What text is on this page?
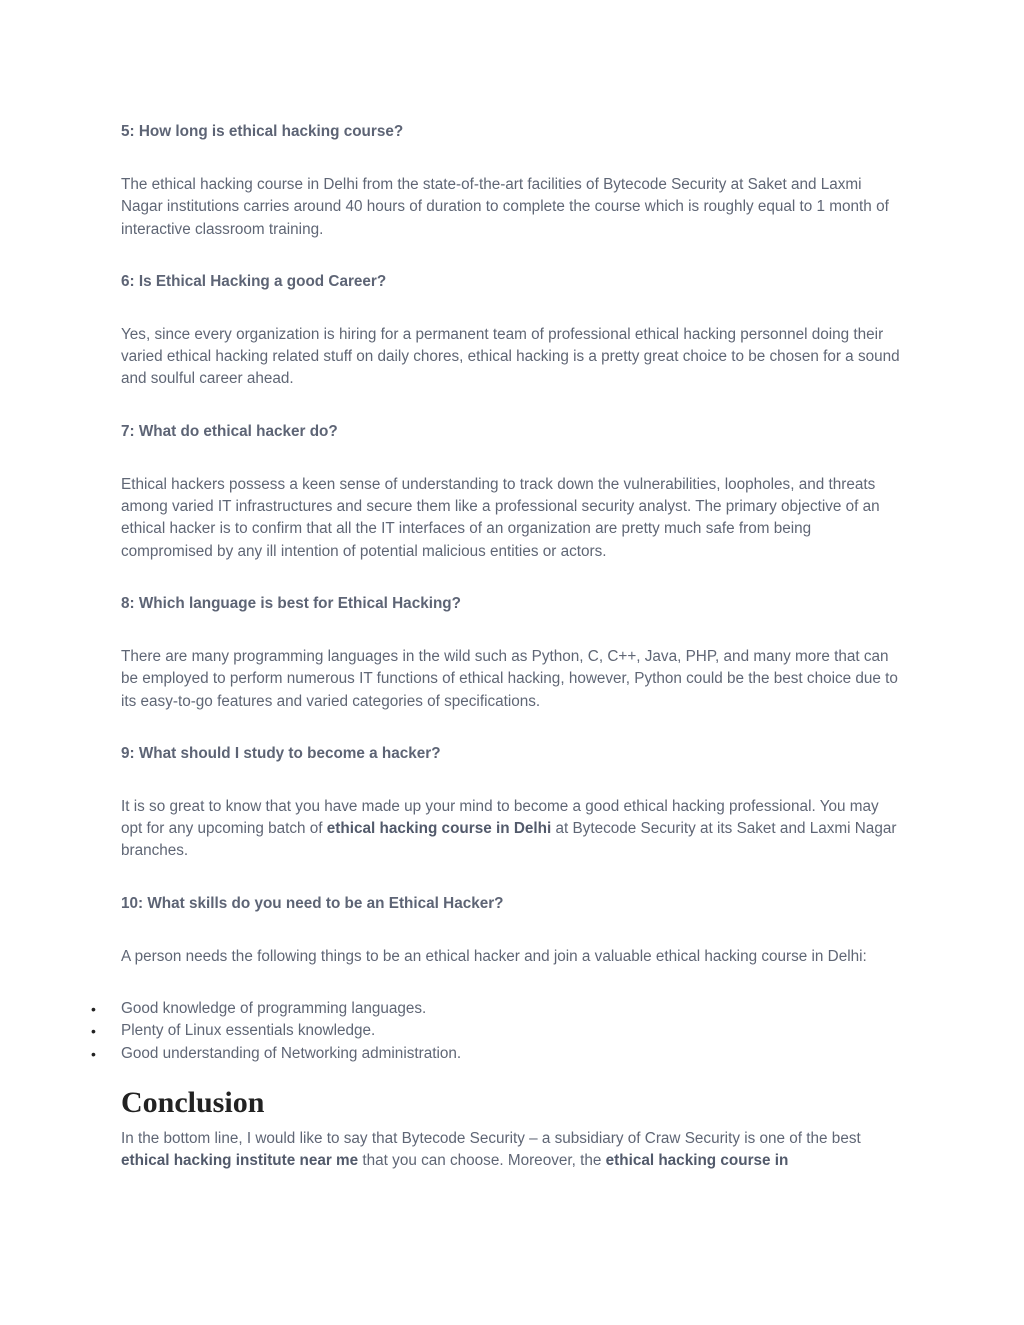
5: How long is ethical hacking course?
The ethical hacking course in Delhi from the state-of-the-art facilities of Bytecode Security at Saket and Laxmi Nagar institutions carries around 40 hours of duration to complete the course which is roughly equal to 1 month of interactive classroom training.
6: Is Ethical Hacking a good Career?
Yes, since every organization is hiring for a permanent team of professional ethical hacking personnel doing their varied ethical hacking related stuff on daily chores, ethical hacking is a pretty great choice to be chosen for a sound and soulful career ahead.
7: What do ethical hacker do?
Ethical hackers possess a keen sense of understanding to track down the vulnerabilities, loopholes, and threats among varied IT infrastructures and secure them like a professional security analyst. The primary objective of an ethical hacker is to confirm that all the IT interfaces of an organization are pretty much safe from being compromised by any ill intention of potential malicious entities or actors.
8: Which language is best for Ethical Hacking?
There are many programming languages in the wild such as Python, C, C++, Java, PHP, and many more that can be employed to perform numerous IT functions of ethical hacking, however, Python could be the best choice due to its easy-to-go features and varied categories of specifications.
9: What should I study to become a hacker?
It is so great to know that you have made up your mind to become a good ethical hacking professional. You may opt for any upcoming batch of ethical hacking course in Delhi at Bytecode Security at its Saket and Laxmi Nagar branches.
10: What skills do you need to be an Ethical Hacker?
A person needs the following things to be an ethical hacker and join a valuable ethical hacking course in Delhi:
• Good knowledge of programming languages.
• Plenty of Linux essentials knowledge.
• Good understanding of Networking administration.
Conclusion
In the bottom line, I would like to say that Bytecode Security – a subsidiary of Craw Security is one of the best ethical hacking institute near me that you can choose. Moreover, the ethical hacking course in
